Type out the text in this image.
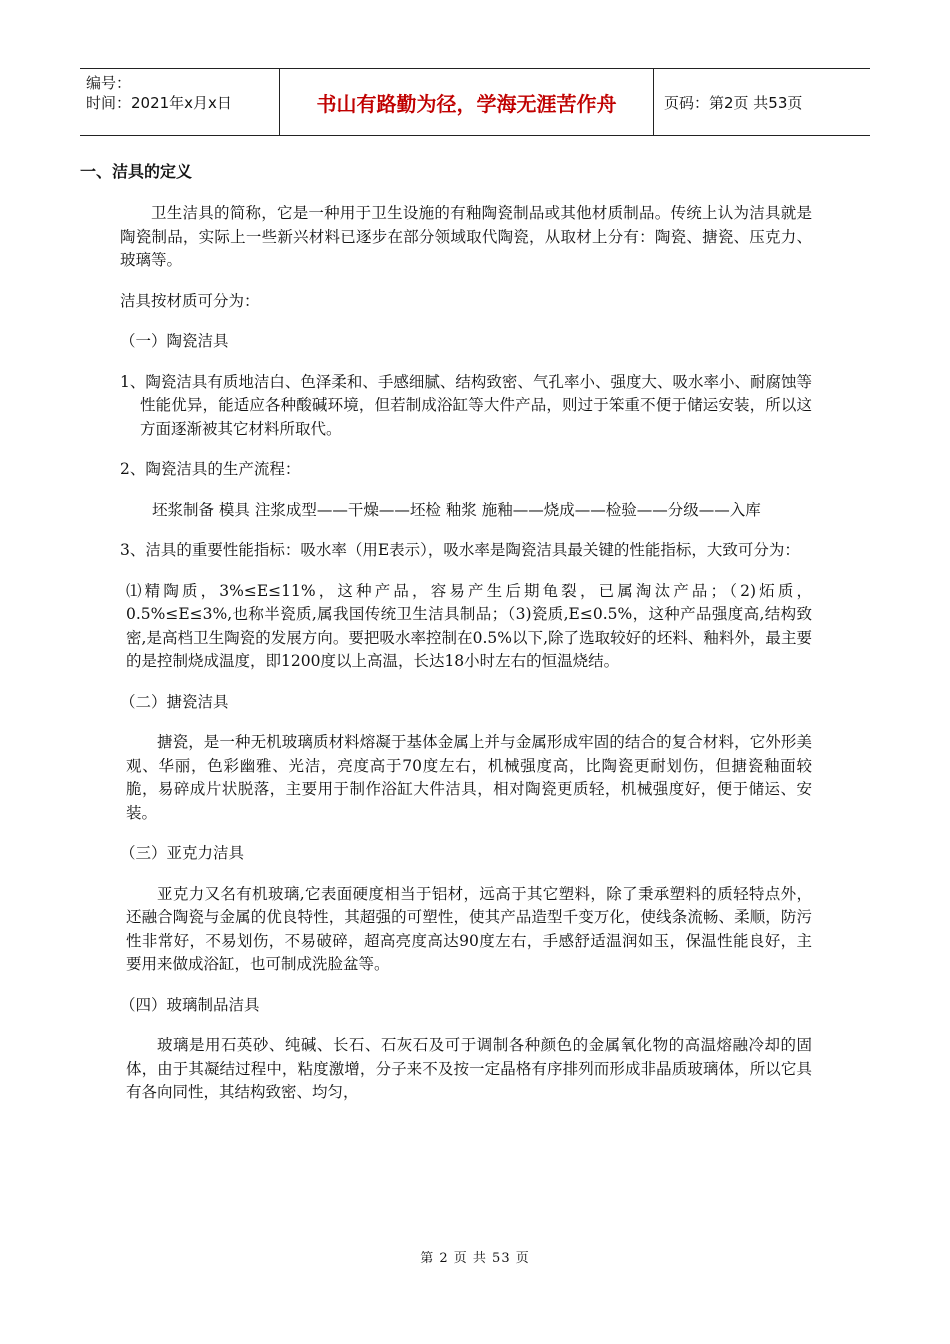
编号：
时间：2021年x月x日	书山有路勤为径，学海无涯苦作舟	页码：第2页 共53页
一、洁具的定义

卫生洁具的简称，它是一种用于卫生设施的有釉陶瓷制品或其他材质制品。传统上认为洁具就是陶瓷制品，实际上一些新兴材料已逐步在部分领域取代陶瓷，从取材上分有：陶瓷、搪瓷、压克力、玻璃等。

洁具按材质可分为：

（一）陶瓷洁具

1、陶瓷洁具有质地洁白、色泽柔和、手感细腻、结构致密、气孔率小、强度大、吸水率小、耐腐蚀等性能优异，能适应各种酸碱环境，但若制成浴缸等大件产品，则过于笨重不便于储运安装，所以这方面逐渐被其它材料所取代。

2、陶瓷洁具的生产流程：

坯浆制备 模具 注浆成型——干燥——坯检 釉浆 施釉——烧成——检验——分级——入库

3、洁具的重要性能指标：吸水率（用E表示），吸水率是陶瓷洁具最关键的性能指标，大致可分为：

⑴精陶质，3%≤E≤11%，这种产品，容易产生后期龟裂，已属淘汰产品；（2)炻质，0.5%≤E≤3%,也称半瓷质,属我国传统卫生洁具制品；（3)瓷质,E≤0.5%，这种产品强度高,结构致密,是高档卫生陶瓷的发展方向。要把吸水率控制在0.5%以下,除了选取较好的坯料、釉料外，最主要的是控制烧成温度，即1200度以上高温，长达18小时左右的恒温烧结。

（二）搪瓷洁具

搪瓷，是一种无机玻璃质材料熔凝于基体金属上并与金属形成牢固的结合的复合材料，它外形美观、华丽，色彩幽雅、光洁，亮度高于70度左右，机械强度高，比陶瓷更耐划伤，但搪瓷釉面较脆，易碎成片状脱落，主要用于制作浴缸大件洁具，相对陶瓷更质轻，机械强度好，便于储运、安装。

（三）亚克力洁具

亚克力又名有机玻璃,它表面硬度相当于铝材，远高于其它塑料，除了秉承塑料的质轻特点外，还融合陶瓷与金属的优良特性，其超强的可塑性，使其产品造型千变万化，使线条流畅、柔顺，防污性非常好，不易划伤，不易破碎，超高亮度高达90度左右，手感舒适温润如玉，保温性能良好，主要用来做成浴缸，也可制成洗脸盆等。

（四）玻璃制品洁具

玻璃是用石英砂、纯碱、长石、石灰石及可于调制各种颜色的金属氧化物的高温熔融冷却的固体，由于其凝结过程中，粘度激增，分子来不及按一定晶格有序排列而形成非晶质玻璃体，所以它具有各向同性，其结构致密、均匀，

第 2 页 共 53 页
